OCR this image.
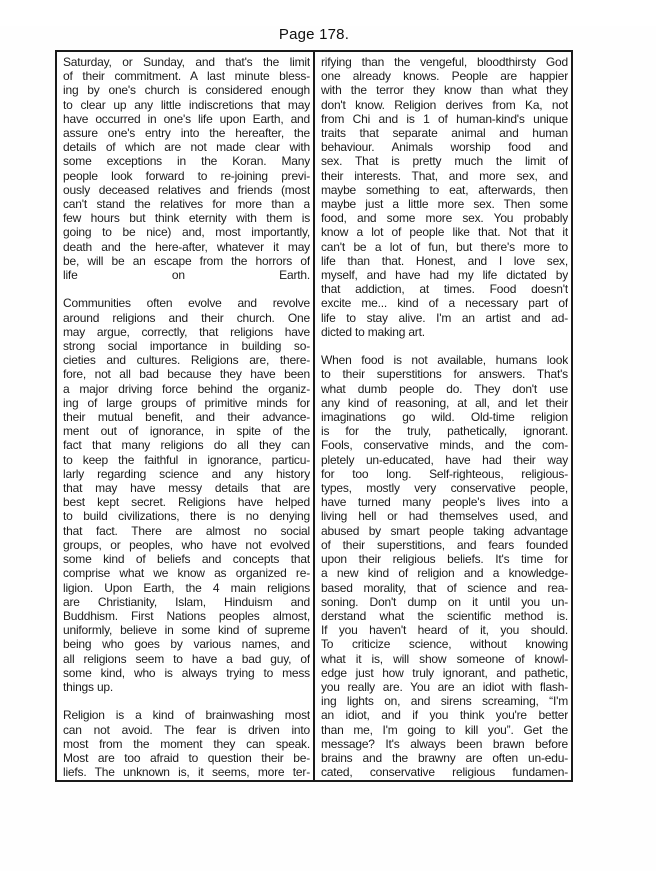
Page 178.
Saturday, or Sunday, and that's the limit
of their commitment. A last minute bless-
ing by one's church is considered enough
to clear up any little indiscretions that may
have occurred in one's life upon Earth, and
assure one's entry into the hereafter, the
details of which are not made clear with
some exceptions in the Koran. Many
people look forward to re-joining previ-
ously deceased relatives and friends (most
can't stand the relatives for more than a
few hours but think eternity with them is
going to be nice) and, most importantly,
death and the here-after, whatever it may
be, will be an escape from the horrors of
life on Earth.
Communities often evolve and revolve
around religions and their church. One
may argue, correctly, that religions have
strong social importance in building so-
cieties and cultures. Religions are, there-
fore, not all bad because they have been
a major driving force behind the organiz-
ing of large groups of primitive minds for
their mutual benefit, and their advance-
ment out of ignorance, in spite of the
fact that many religions do all they can
to keep the faithful in ignorance, particu-
larly regarding science and any history
that may have messy details that are
best kept secret. Religions have helped
to build civilizations, there is no denying
that fact. There are almost no social
groups, or peoples, who have not evolved
some kind of beliefs and concepts that
comprise what we know as organized re-
ligion. Upon Earth, the 4 main religions
are Christianity, Islam, Hinduism and
Buddhism. First Nations peoples almost,
uniformly, believe in some kind of supreme
being who goes by various names, and
all religions seem to have a bad guy, of
some kind, who is always trying to mess
things up.
Religion is a kind of brainwashing most
can not avoid. The fear is driven into
most from the moment they can speak.
Most are too afraid to question their be-
liefs. The unknown is, it seems, more ter-
rifying than the vengeful, bloodthirsty God
one already knows. People are happier
with the terror they know than what they
don't know. Religion derives from Ka, not
from Chi and is 1 of human-kind's unique
traits that separate animal and human
behaviour. Animals worship food and
sex. That is pretty much the limit of
their interests. That, and more sex, and
maybe something to eat, afterwards, then
maybe just a little more sex. Then some
food, and some more sex. You probably
know a lot of people like that. Not that it
can't be a lot of fun, but there's more to
life than that. Honest, and I love sex,
myself, and have had my life dictated by
that addiction, at times. Food doesn't
excite me... kind of a necessary part of
life to stay alive. I'm an artist and ad-
dicted to making art.
When food is not available, humans look
to their superstitions for answers. That's
what dumb people do. They don't use
any kind of reasoning, at all, and let their
imaginations go wild. Old-time religion
is for the truly, pathetically, ignorant.
Fools, conservative minds, and the com-
pletely un-educated, have had their way
for too long. Self-righteous, religious-
types, mostly very conservative people,
have turned many people's lives into a
living hell or had themselves used, and
abused by smart people taking advantage
of their superstitions, and fears founded
upon their religious beliefs. It's time for
a new kind of religion and a knowledge-
based morality, that of science and rea-
soning. Don't dump on it until you un-
derstand what the scientific method is.
If you haven't heard of it, you should.
To criticize science, without knowing
what it is, will show someone of knowl-
edge just how truly ignorant, and pathetic,
you really are. You are an idiot with flash-
ing lights on, and sirens screaming, “I'm
an idiot, and if you think you're better
than me, I'm going to kill you”. Get the
message? It's always been brawn before
brains and the brawny are often un-edu-
cated, conservative religious fundamen-
